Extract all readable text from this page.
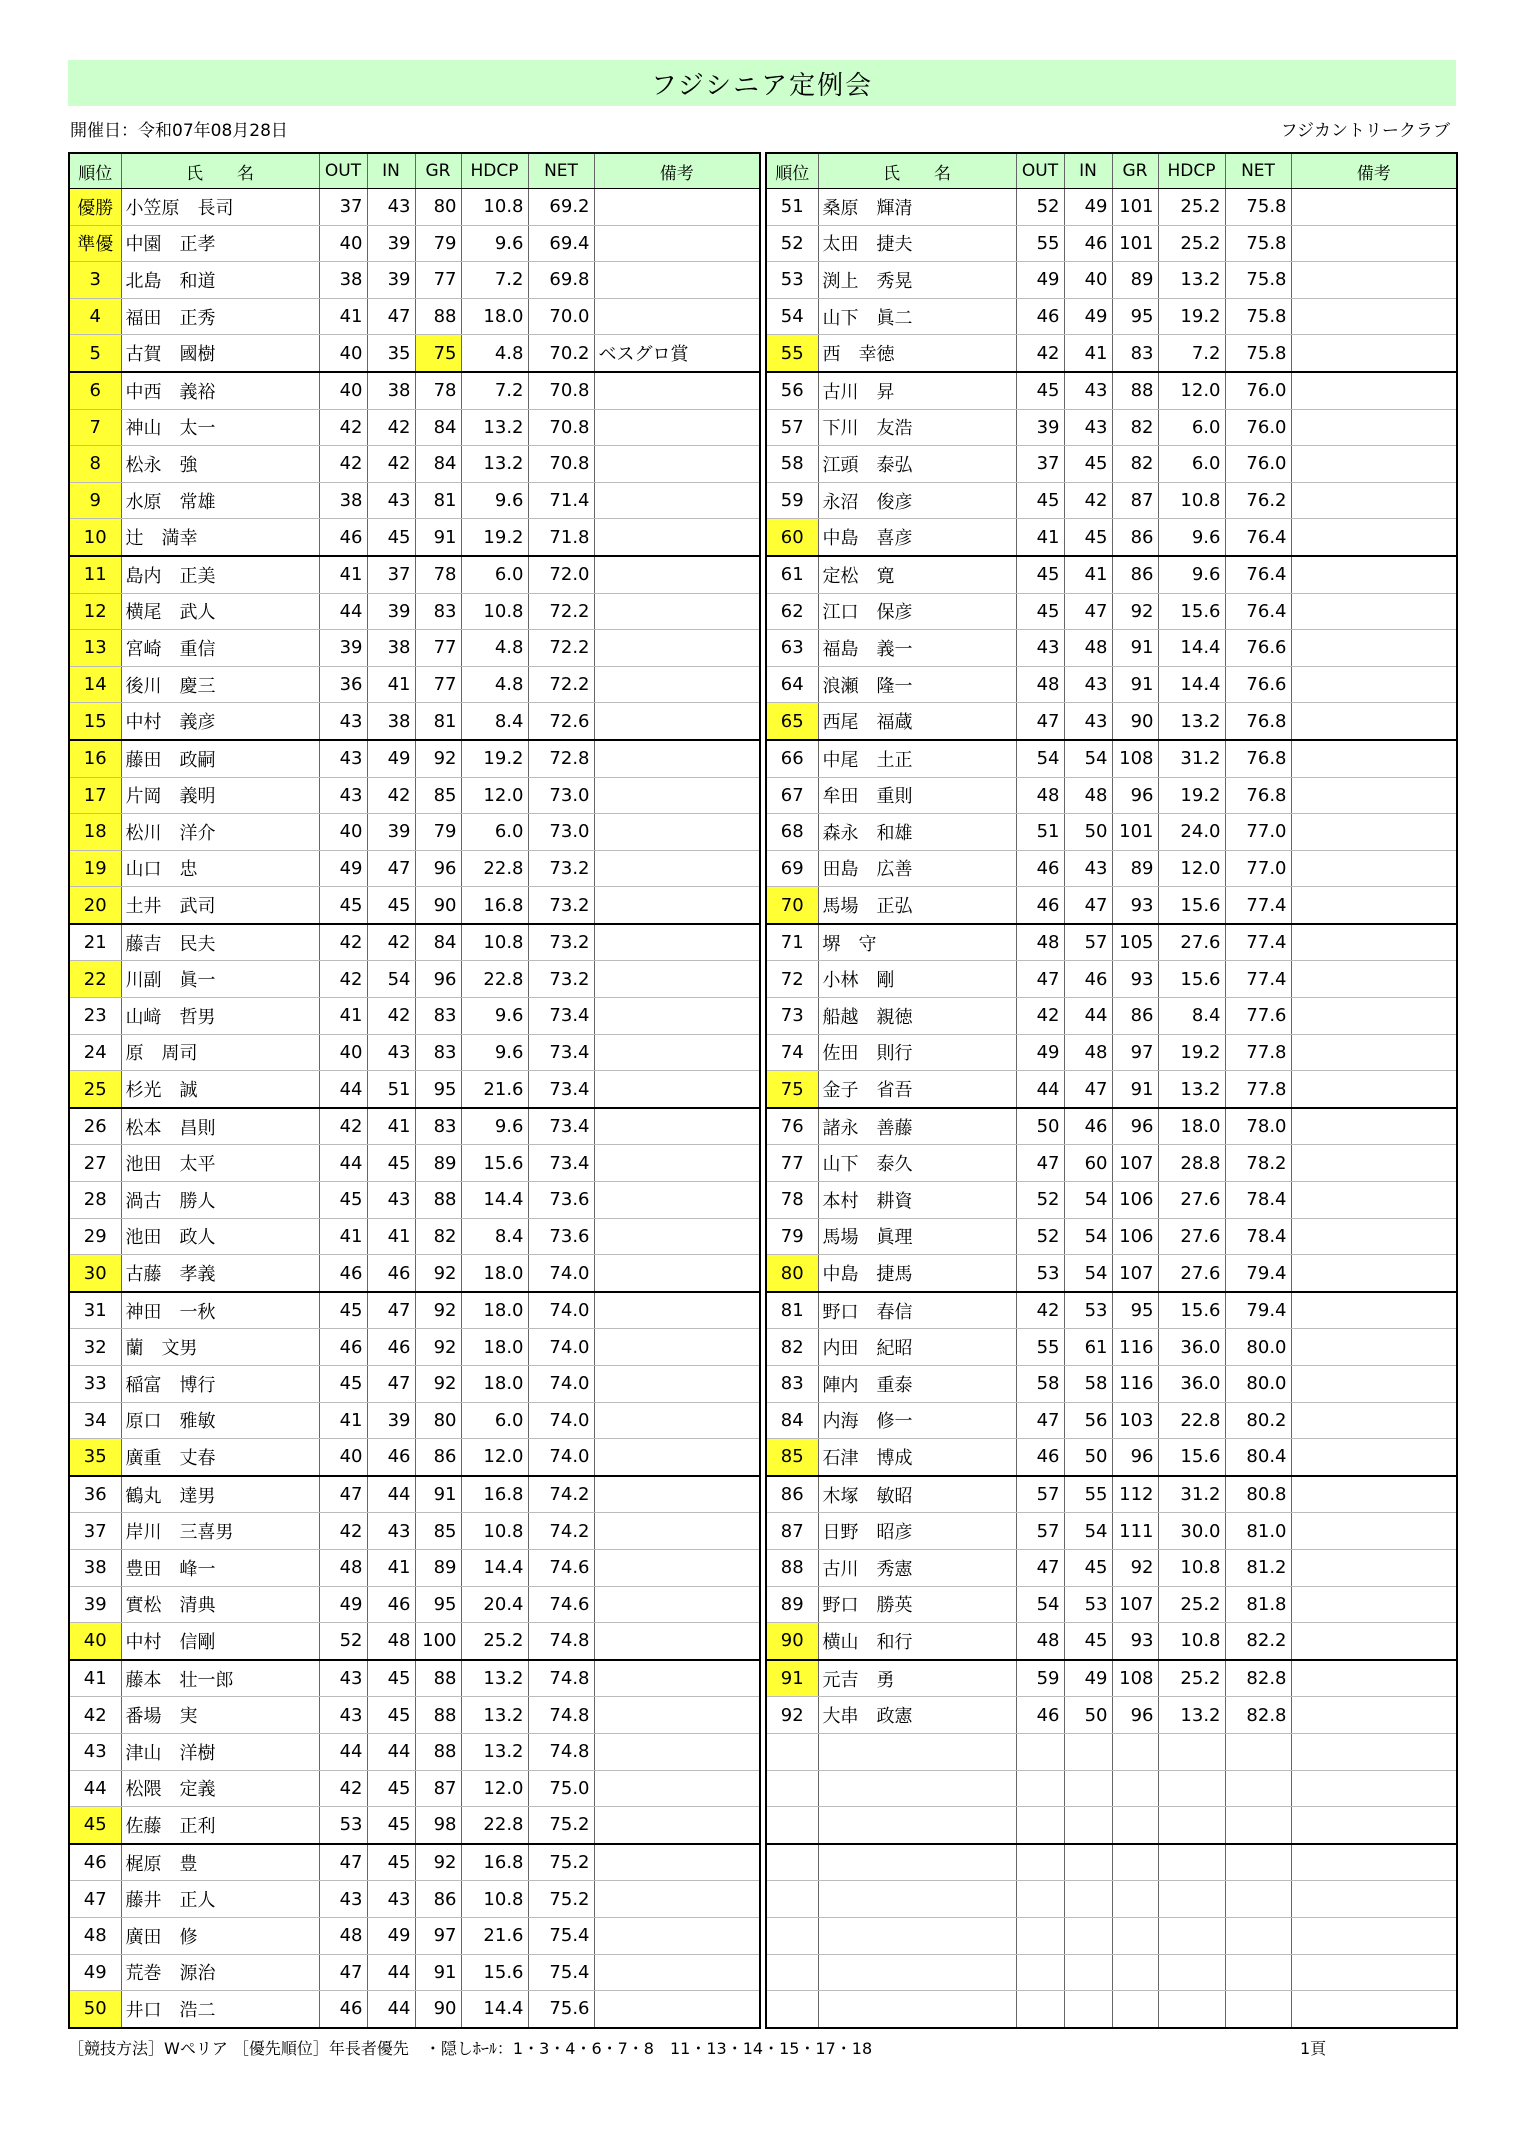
フジシニア定例会
開催日：令和07年08月28日	フジカントリークラブ
順位	氏　　名	OUT	IN	GR	HDCP	NET	備考
優勝	小笠原　長司	37	43	80	10.8	69.2	
準優	中園　正孝	40	39	79	9.6	69.4	
3	北島　和道	38	39	77	7.2	69.8	
4	福田　正秀	41	47	88	18.0	70.0	
5	古賀　國樹	40	35	75	4.8	70.2	ベスグロ賞
6	中西　義裕	40	38	78	7.2	70.8	
7	神山　太一	42	42	84	13.2	70.8	
8	松永　強	42	42	84	13.2	70.8	
9	水原　常雄	38	43	81	9.6	71.4	
10	辻　満幸	46	45	91	19.2	71.8	
11	島内　正美	41	37	78	6.0	72.0	
12	横尾　武人	44	39	83	10.8	72.2	
13	宮崎　重信	39	38	77	4.8	72.2	
14	後川　慶三	36	41	77	4.8	72.2	
15	中村　義彦	43	38	81	8.4	72.6	
16	藤田　政嗣	43	49	92	19.2	72.8	
17	片岡　義明	43	42	85	12.0	73.0	
18	松川　洋介	40	39	79	6.0	73.0	
19	山口　忠	49	47	96	22.8	73.2	
20	土井　武司	45	45	90	16.8	73.2	
21	藤吉　民夫	42	42	84	10.8	73.2	
22	川副　眞一	42	54	96	22.8	73.2	
23	山﨑　哲男	41	42	83	9.6	73.4	
24	原　周司	40	43	83	9.6	73.4	
25	杉光　誠	44	51	95	21.6	73.4	
26	松本　昌則	42	41	83	9.6	73.4	
27	池田　太平	44	45	89	15.6	73.4	
28	渦古　勝人	45	43	88	14.4	73.6	
29	池田　政人	41	41	82	8.4	73.6	
30	古藤　孝義	46	46	92	18.0	74.0	
31	神田　一秋	45	47	92	18.0	74.0	
32	蘭　文男	46	46	92	18.0	74.0	
33	稲富　博行	45	47	92	18.0	74.0	
34	原口　雅敏	41	39	80	6.0	74.0	
35	廣重　丈春	40	46	86	12.0	74.0	
36	鶴丸　達男	47	44	91	16.8	74.2	
37	岸川　三喜男	42	43	85	10.8	74.2	
38	豊田　峰一	48	41	89	14.4	74.6	
39	實松　清典	49	46	95	20.4	74.6	
40	中村　信剛	52	48	100	25.2	74.8	
41	藤本　壮一郎	43	45	88	13.2	74.8	
42	番場　実	43	45	88	13.2	74.8	
43	津山　洋樹	44	44	88	13.2	74.8	
44	松隈　定義	42	45	87	12.0	75.0	
45	佐藤　正利	53	45	98	22.8	75.2	
46	梶原　豊	47	45	92	16.8	75.2	
47	藤井　正人	43	43	86	10.8	75.2	
48	廣田　修	48	49	97	21.6	75.4	
49	荒巻　源治	47	44	91	15.6	75.4	
50	井口　浩二	46	44	90	14.4	75.6	
順位	氏　　名	OUT	IN	GR	HDCP	NET	備考
51	桑原　輝清	52	49	101	25.2	75.8	
52	太田　捷夫	55	46	101	25.2	75.8	
53	渕上　秀晃	49	40	89	13.2	75.8	
54	山下　眞二	46	49	95	19.2	75.8	
55	西　幸徳	42	41	83	7.2	75.8	
56	古川　昇	45	43	88	12.0	76.0	
57	下川　友浩	39	43	82	6.0	76.0	
58	江頭　泰弘	37	45	82	6.0	76.0	
59	永沼　俊彦	45	42	87	10.8	76.2	
60	中島　喜彦	41	45	86	9.6	76.4	
61	定松　寛	45	41	86	9.6	76.4	
62	江口　保彦	45	47	92	15.6	76.4	
63	福島　義一	43	48	91	14.4	76.6	
64	浪瀬　隆一	48	43	91	14.4	76.6	
65	西尾　福蔵	47	43	90	13.2	76.8	
66	中尾　土正	54	54	108	31.2	76.8	
67	牟田　重則	48	48	96	19.2	76.8	
68	森永　和雄	51	50	101	24.0	77.0	
69	田島　広善	46	43	89	12.0	77.0	
70	馬場　正弘	46	47	93	15.6	77.4	
71	堺　守	48	57	105	27.6	77.4	
72	小林　剛	47	46	93	15.6	77.4	
73	船越　親徳	42	44	86	8.4	77.6	
74	佐田　則行	49	48	97	19.2	77.8	
75	金子　省吾	44	47	91	13.2	77.8	
76	諸永　善藤	50	46	96	18.0	78.0	
77	山下　泰久	47	60	107	28.8	78.2	
78	本村　耕資	52	54	106	27.6	78.4	
79	馬場　眞理	52	54	106	27.6	78.4	
80	中島　捷馬	53	54	107	27.6	79.4	
81	野口　春信	42	53	95	15.6	79.4	
82	内田　紀昭	55	61	116	36.0	80.0	
83	陣内　重泰	58	58	116	36.0	80.0	
84	内海　修一	47	56	103	22.8	80.2	
85	石津　博成	46	50	96	15.6	80.4	
86	木塚　敏昭	57	55	112	31.2	80.8	
87	日野　昭彦	57	54	111	30.0	81.0	
88	古川　秀憲	47	45	92	10.8	81.2	
89	野口　勝英	54	53	107	25.2	81.8	
90	横山　和行	48	45	93	10.8	82.2	
91	元吉　勇	59	49	108	25.2	82.8	
92	大串　政憲	46	50	96	13.2	82.8	

［競技方法］Wペリア ［優先順位］年長者優先　・隠しﾎｰﾙ：1・3・4・6・7・8　11・13・14・15・17・18	1頁
